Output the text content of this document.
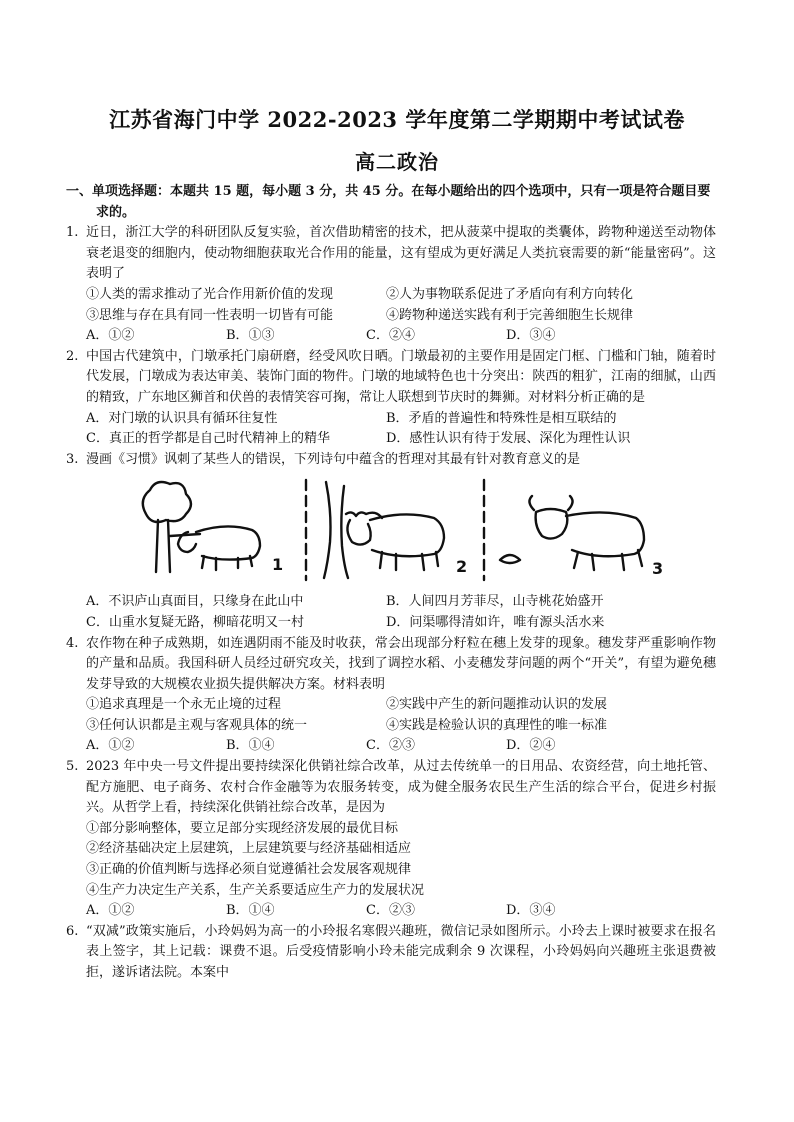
江苏省海门中学 2022-2023 学年度第二学期期中考试试卷
高二政治
一、单项选择题：本题共 15 题，每小题 3 分，共 45 分。在每小题给出的四个选项中，只有一项是符合题目要求的。
1. 近日，浙江大学的科研团队反复实验，首次借助精密的技术，把从菠菜中提取的类囊体，跨物种递送至动物体衰老退变的细胞内，使动物细胞获取光合作用的能量，这有望成为更好满足人类抗衰需要的新“能量密码”。这表明了
①人类的需求推动了光合作用新价值的发现	②人为事物联系促进了矛盾向有利方向转化
③思维与存在具有同一性表明一切皆有可能	④跨物种递送实践有利于完善细胞生长规律
A．①②	B．①③	C．②④	D．③④
2. 中国古代建筑中，门墩承托门扇研磨，经受风吹日晒。门墩最初的主要作用是固定门框、门槛和门轴，随着时代发展，门墩成为表达审美、装饰门面的物件。门墩的地域特色也十分突出：陕西的粗犷，江南的细腻，山西的精致，广东地区狮首和伏兽的表情笑容可掬，常让人联想到节庆时的舞狮。对材料分析正确的是
A．对门墩的认识具有循环往复性	B．矛盾的普遍性和特殊性是相互联结的
C．真正的哲学都是自己时代精神上的精华	D．感性认识有待于发展、深化为理性认识
3. 漫画《习惯》讽刺了某些人的错误，下列诗句中蕴含的哲理对其最有针对教育意义的是
1	2	3
A．不识庐山真面目，只缘身在此山中	B．人间四月芳菲尽，山寺桃花始盛开
C．山重水复疑无路，柳暗花明又一村	D．问渠哪得清如许，唯有源头活水来
4. 农作物在种子成熟期，如连遇阴雨不能及时收获，常会出现部分籽粒在穗上发芽的现象。穗发芽严重影响作物的产量和品质。我国科研人员经过研究攻关，找到了调控水稻、小麦穗发芽问题的两个“开关”，有望为避免穗发芽导致的大规模农业损失提供解决方案。材料表明
①追求真理是一个永无止境的过程	②实践中产生的新问题推动认识的发展
③任何认识都是主观与客观具体的统一	④实践是检验认识的真理性的唯一标准
A．①②	B．①④	C．②③	D．②④
5. 2023 年中央一号文件提出要持续深化供销社综合改革，从过去传统单一的日用品、农资经营，向土地托管、配方施肥、电子商务、农村合作金融等为农服务转变，成为健全服务农民生产生活的综合平台，促进乡村振兴。从哲学上看，持续深化供销社综合改革，是因为
①部分影响整体，要立足部分实现经济发展的最优目标
②经济基础决定上层建筑，上层建筑要与经济基础相适应
③正确的价值判断与选择必须自觉遵循社会发展客观规律
④生产力决定生产关系，生产关系要适应生产力的发展状况
A．①②	B．①④	C．②③	D．③④
6. “双减”政策实施后，小玲妈妈为高一的小玲报名寒假兴趣班，微信记录如图所示。小玲去上课时被要求在报名表上签字，其上记载：课费不退。后受疫情影响小玲未能完成剩余 9 次课程，小玲妈妈向兴趣班主张退费被拒，遂诉诸法院。本案中
